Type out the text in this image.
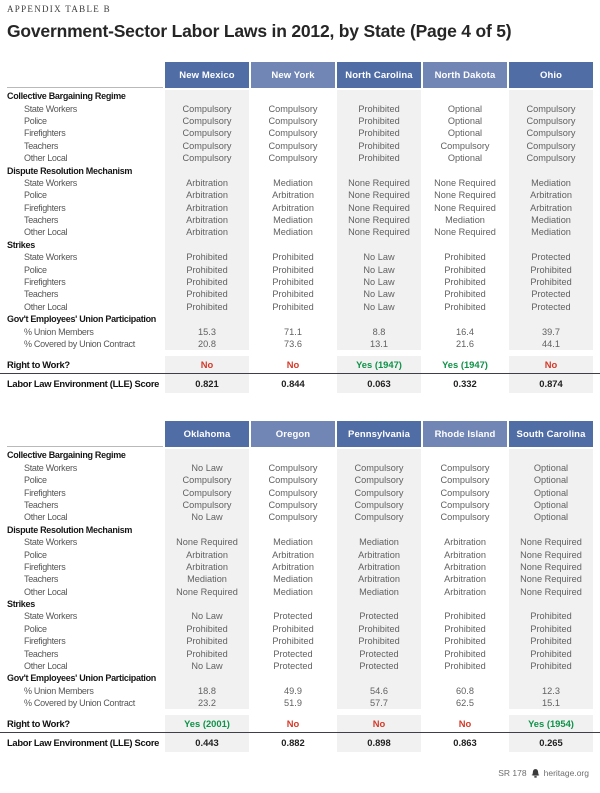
APPENDIX TABLE B
Government-Sector Labor Laws in 2012, by State (Page 4 of 5)
New Mexico	New York	North Carolina	North Dakota	Ohio
Collective Bargaining Regime
State Workers	Compulsory	Compulsory	Prohibited	Optional	Compulsory
Police	Compulsory	Compulsory	Prohibited	Optional	Compulsory
Firefighters	Compulsory	Compulsory	Prohibited	Optional	Compulsory
Teachers	Compulsory	Compulsory	Prohibited	Compulsory	Compulsory
Other Local	Compulsory	Compulsory	Prohibited	Optional	Compulsory
Dispute Resolution Mechanism
State Workers	Arbitration	Mediation	None Required	None Required	Mediation
Police	Arbitration	Arbitration	None Required	None Required	Arbitration
Firefighters	Arbitration	Arbitration	None Required	None Required	Arbitration
Teachers	Arbitration	Mediation	None Required	Mediation	Mediation
Other Local	Arbitration	Mediation	None Required	None Required	Mediation
Strikes
State Workers	Prohibited	Prohibited	No Law	Prohibited	Protected
Police	Prohibited	Prohibited	No Law	Prohibited	Prohibited
Firefighters	Prohibited	Prohibited	No Law	Prohibited	Prohibited
Teachers	Prohibited	Prohibited	No Law	Prohibited	Protected
Other Local	Prohibited	Prohibited	No Law	Prohibited	Protected
Gov't Employees' Union Participation
% Union Members	15.3	71.1	8.8	16.4	39.7
% Covered by Union Contract	20.8	73.6	13.1	21.6	44.1
Right to Work?	No	No	Yes (1947)	Yes (1947)	No
Labor Law Environment (LLE) Score	0.821	0.844	0.063	0.332	0.874
Oklahoma	Oregon	Pennsylvania	Rhode Island	South Carolina
Collective Bargaining Regime
State Workers	No Law	Compulsory	Compulsory	Compulsory	Optional
Police	Compulsory	Compulsory	Compulsory	Compulsory	Optional
Firefighters	Compulsory	Compulsory	Compulsory	Compulsory	Optional
Teachers	Compulsory	Compulsory	Compulsory	Compulsory	Optional
Other Local	No Law	Compulsory	Compulsory	Compulsory	Optional
Dispute Resolution Mechanism
State Workers	None Required	Mediation	Mediation	Arbitration	None Required
Police	Arbitration	Arbitration	Arbitration	Arbitration	None Required
Firefighters	Arbitration	Arbitration	Arbitration	Arbitration	None Required
Teachers	Mediation	Mediation	Arbitration	Arbitration	None Required
Other Local	None Required	Mediation	Mediation	Arbitration	None Required
Strikes
State Workers	No Law	Protected	Protected	Prohibited	Prohibited
Police	Prohibited	Prohibited	Prohibited	Prohibited	Prohibited
Firefighters	Prohibited	Prohibited	Prohibited	Prohibited	Prohibited
Teachers	Prohibited	Protected	Protected	Prohibited	Prohibited
Other Local	No Law	Protected	Protected	Prohibited	Prohibited
Gov't Employees' Union Participation
% Union Members	18.8	49.9	54.6	60.8	12.3
% Covered by Union Contract	23.2	51.9	57.7	62.5	15.1
Right to Work?	Yes (2001)	No	No	No	Yes (1954)
Labor Law Environment (LLE) Score	0.443	0.882	0.898	0.863	0.265
SR 178 heritage.org
